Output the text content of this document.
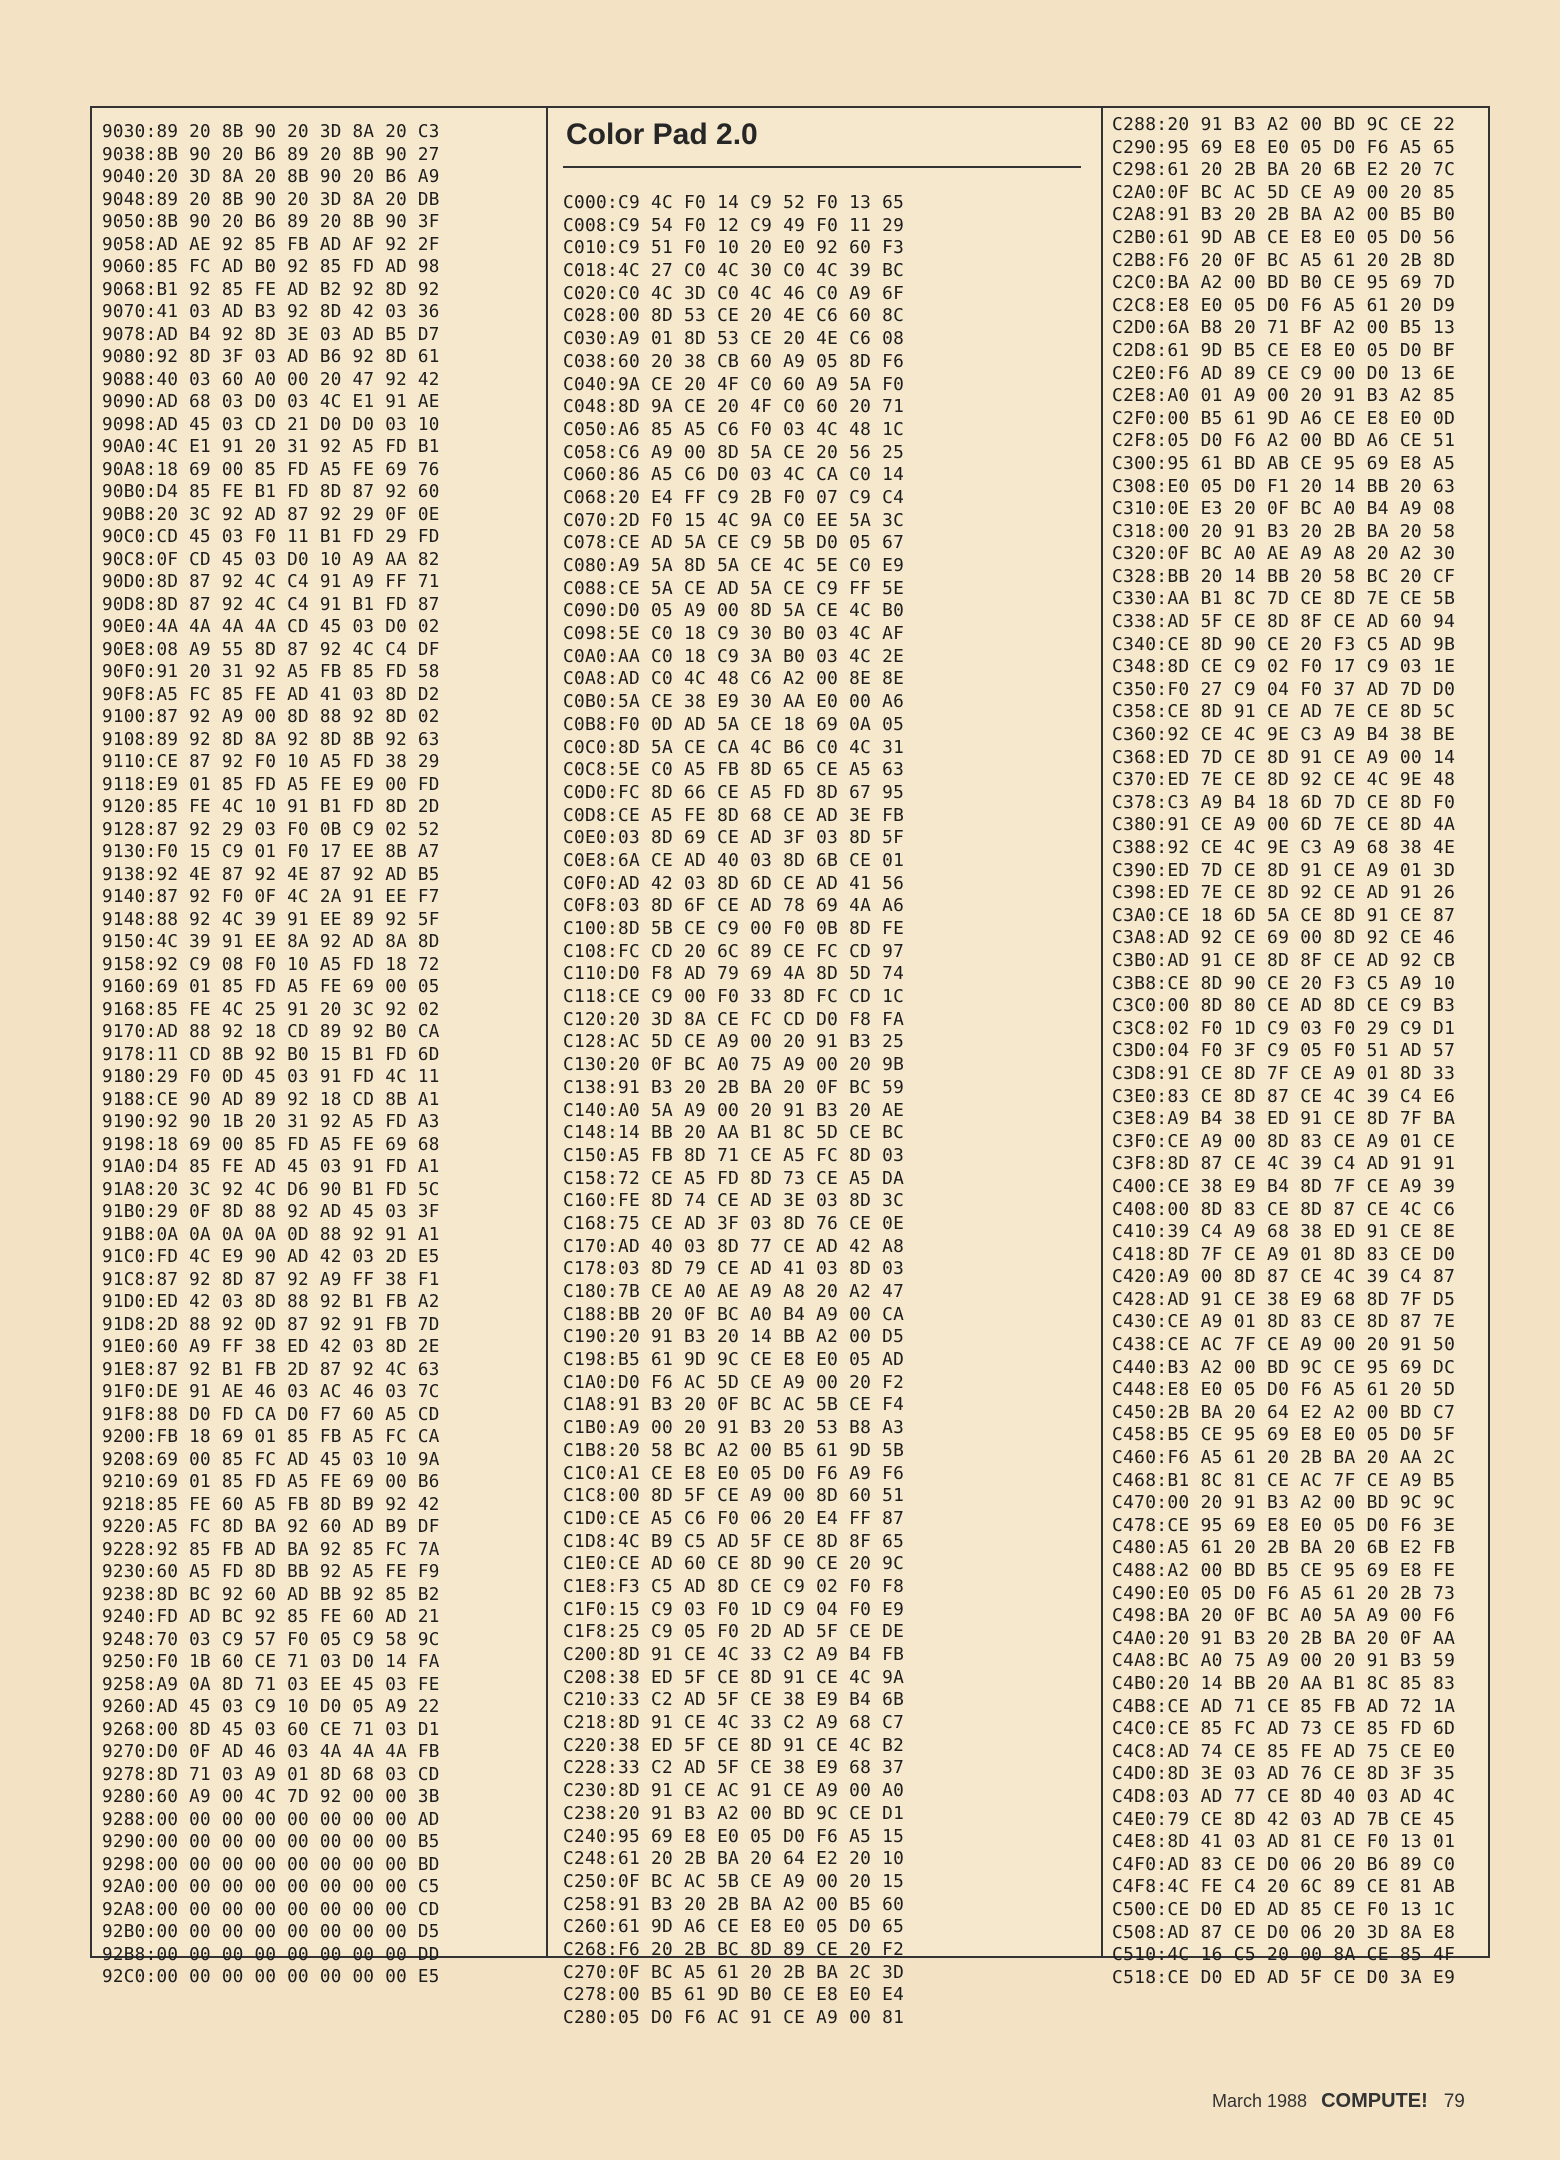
9030:89 20 8B 90 20 3D 8A 20 C3
9038:8B 90 20 B6 89 20 8B 90 27
9040:20 3D 8A 20 8B 90 20 B6 A9
9048:89 20 8B 90 20 3D 8A 20 DB
9050:8B 90 20 B6 89 20 8B 90 3F
9058:AD AE 92 85 FB AD AF 92 2F
9060:85 FC AD B0 92 85 FD AD 98
9068:B1 92 85 FE AD B2 92 8D 92
9070:41 03 AD B3 92 8D 42 03 36
9078:AD B4 92 8D 3E 03 AD B5 D7
9080:92 8D 3F 03 AD B6 92 8D 61
9088:40 03 60 A0 00 20 47 92 42
9090:AD 68 03 D0 03 4C E1 91 AE
9098:AD 45 03 CD 21 D0 D0 03 10
90A0:4C E1 91 20 31 92 A5 FD B1
90A8:18 69 00 85 FD A5 FE 69 76
90B0:D4 85 FE B1 FD 8D 87 92 60
90B8:20 3C 92 AD 87 92 29 0F 0E
90C0:CD 45 03 F0 11 B1 FD 29 FD
90C8:0F CD 45 03 D0 10 A9 AA 82
90D0:8D 87 92 4C C4 91 A9 FF 71
90D8:8D 87 92 4C C4 91 B1 FD 87
90E0:4A 4A 4A 4A CD 45 03 D0 02
90E8:08 A9 55 8D 87 92 4C C4 DF
90F0:91 20 31 92 A5 FB 85 FD 58
90F8:A5 FC 85 FE AD 41 03 8D D2
9100:87 92 A9 00 8D 88 92 8D 02
9108:89 92 8D 8A 92 8D 8B 92 63
9110:CE 87 92 F0 10 A5 FD 38 29
9118:E9 01 85 FD A5 FE E9 00 FD
9120:85 FE 4C 10 91 B1 FD 8D 2D
9128:87 92 29 03 F0 0B C9 02 52
9130:F0 15 C9 01 F0 17 EE 8B A7
9138:92 4E 87 92 4E 87 92 AD B5
9140:87 92 F0 0F 4C 2A 91 EE F7
9148:88 92 4C 39 91 EE 89 92 5F
9150:4C 39 91 EE 8A 92 AD 8A 8D
9158:92 C9 08 F0 10 A5 FD 18 72
9160:69 01 85 FD A5 FE 69 00 05
9168:85 FE 4C 25 91 20 3C 92 02
9170:AD 88 92 18 CD 89 92 B0 CA
9178:11 CD 8B 92 B0 15 B1 FD 6D
9180:29 F0 0D 45 03 91 FD 4C 11
9188:CE 90 AD 89 92 18 CD 8B A1
9190:92 90 1B 20 31 92 A5 FD A3
9198:18 69 00 85 FD A5 FE 69 68
91A0:D4 85 FE AD 45 03 91 FD A1
91A8:20 3C 92 4C D6 90 B1 FD 5C
91B0:29 0F 8D 88 92 AD 45 03 3F
91B8:0A 0A 0A 0A 0D 88 92 91 A1
91C0:FD 4C E9 90 AD 42 03 2D E5
91C8:87 92 8D 87 92 A9 FF 38 F1
91D0:ED 42 03 8D 88 92 B1 FB A2
91D8:2D 88 92 0D 87 92 91 FB 7D
91E0:60 A9 FF 38 ED 42 03 8D 2E
91E8:87 92 B1 FB 2D 87 92 4C 63
91F0:DE 91 AE 46 03 AC 46 03 7C
91F8:88 D0 FD CA D0 F7 60 A5 CD
9200:FB 18 69 01 85 FB A5 FC CA
9208:69 00 85 FC AD 45 03 10 9A
9210:69 01 85 FD A5 FE 69 00 B6
9218:85 FE 60 A5 FB 8D B9 92 42
9220:A5 FC 8D BA 92 60 AD B9 DF
9228:92 85 FB AD BA 92 85 FC 7A
9230:60 A5 FD 8D BB 92 A5 FE F9
9238:8D BC 92 60 AD BB 92 85 B2
9240:FD AD BC 92 85 FE 60 AD 21
9248:70 03 C9 57 F0 05 C9 58 9C
9250:F0 1B 60 CE 71 03 D0 14 FA
9258:A9 0A 8D 71 03 EE 45 03 FE
9260:AD 45 03 C9 10 D0 05 A9 22
9268:00 8D 45 03 60 CE 71 03 D1
9270:D0 0F AD 46 03 4A 4A 4A FB
9278:8D 71 03 A9 01 8D 68 03 CD
9280:60 A9 00 4C 7D 92 00 00 3B
9288:00 00 00 00 00 00 00 00 AD
9290:00 00 00 00 00 00 00 00 B5
9298:00 00 00 00 00 00 00 00 BD
92A0:00 00 00 00 00 00 00 00 C5
92A8:00 00 00 00 00 00 00 00 CD
92B0:00 00 00 00 00 00 00 00 D5
92B8:00 00 00 00 00 00 00 00 DD
92C0:00 00 00 00 00 00 00 00 E5
Color Pad 2.0
C000:C9 4C F0 14 C9 52 F0 13 65
C008:C9 54 F0 12 C9 49 F0 11 29
C010:C9 51 F0 10 20 E0 92 60 F3
C018:4C 27 C0 4C 30 C0 4C 39 BC
C020:C0 4C 3D C0 4C 46 C0 A9 6F
C028:00 8D 53 CE 20 4E C6 60 8C
C030:A9 01 8D 53 CE 20 4E C6 08
C038:60 20 38 CB 60 A9 05 8D F6
C040:9A CE 20 4F C0 60 A9 5A F0
C048:8D 9A CE 20 4F C0 60 20 71
C050:A6 85 A5 C6 F0 03 4C 48 1C
C058:C6 A9 00 8D 5A CE 20 56 25
C060:86 A5 C6 D0 03 4C CA C0 14
C068:20 E4 FF C9 2B F0 07 C9 C4
C070:2D F0 15 4C 9A C0 EE 5A 3C
C078:CE AD 5A CE C9 5B D0 05 67
C080:A9 5A 8D 5A CE 4C 5E C0 E9
C088:CE 5A CE AD 5A CE C9 FF 5E
C090:D0 05 A9 00 8D 5A CE 4C B0
C098:5E C0 18 C9 30 B0 03 4C AF
C0A0:AA C0 18 C9 3A B0 03 4C 2E
C0A8:AD C0 4C 48 C6 A2 00 8E 8E
C0B0:5A CE 38 E9 30 AA E0 00 A6
C0B8:F0 0D AD 5A CE 18 69 0A 05
C0C0:8D 5A CE CA 4C B6 C0 4C 31
C0C8:5E C0 A5 FB 8D 65 CE A5 63
C0D0:FC 8D 66 CE A5 FD 8D 67 95
C0D8:CE A5 FE 8D 68 CE AD 3E FB
C0E0:03 8D 69 CE AD 3F 03 8D 5F
C0E8:6A CE AD 40 03 8D 6B CE 01
C0F0:AD 42 03 8D 6D CE AD 41 56
C0F8:03 8D 6F CE AD 78 69 4A A6
C100:8D 5B CE C9 00 F0 0B 8D FE
C108:FC CD 20 6C 89 CE FC CD 97
C110:D0 F8 AD 79 69 4A 8D 5D 74
C118:CE C9 00 F0 33 8D FC CD 1C
C120:20 3D 8A CE FC CD D0 F8 FA
C128:AC 5D CE A9 00 20 91 B3 25
C130:20 0F BC A0 75 A9 00 20 9B
C138:91 B3 20 2B BA 20 0F BC 59
C140:A0 5A A9 00 20 91 B3 20 AE
C148:14 BB 20 AA B1 8C 5D CE BC
C150:A5 FB 8D 71 CE A5 FC 8D 03
C158:72 CE A5 FD 8D 73 CE A5 DA
C160:FE 8D 74 CE AD 3E 03 8D 3C
C168:75 CE AD 3F 03 8D 76 CE 0E
C170:AD 40 03 8D 77 CE AD 42 A8
C178:03 8D 79 CE AD 41 03 8D 03
C180:7B CE A0 AE A9 A8 20 A2 47
C188:BB 20 0F BC A0 B4 A9 00 CA
C190:20 91 B3 20 14 BB A2 00 D5
C198:B5 61 9D 9C CE E8 E0 05 AD
C1A0:D0 F6 AC 5D CE A9 00 20 F2
C1A8:91 B3 20 0F BC AC 5B CE F4
C1B0:A9 00 20 91 B3 20 53 B8 A3
C1B8:20 58 BC A2 00 B5 61 9D 5B
C1C0:A1 CE E8 E0 05 D0 F6 A9 F6
C1C8:00 8D 5F CE A9 00 8D 60 51
C1D0:CE A5 C6 F0 06 20 E4 FF 87
C1D8:4C B9 C5 AD 5F CE 8D 8F 65
C1E0:CE AD 60 CE 8D 90 CE 20 9C
C1E8:F3 C5 AD 8D CE C9 02 F0 F8
C1F0:15 C9 03 F0 1D C9 04 F0 E9
C1F8:25 C9 05 F0 2D AD 5F CE DE
C200:8D 91 CE 4C 33 C2 A9 B4 FB
C208:38 ED 5F CE 8D 91 CE 4C 9A
C210:33 C2 AD 5F CE 38 E9 B4 6B
C218:8D 91 CE 4C 33 C2 A9 68 C7
C220:38 ED 5F CE 8D 91 CE 4C B2
C228:33 C2 AD 5F CE 38 E9 68 37
C230:8D 91 CE AC 91 CE A9 00 A0
C238:20 91 B3 A2 00 BD 9C CE D1
C240:95 69 E8 E0 05 D0 F6 A5 15
C248:61 20 2B BA 20 64 E2 20 10
C250:0F BC AC 5B CE A9 00 20 15
C258:91 B3 20 2B BA A2 00 B5 60
C260:61 9D A6 CE E8 E0 05 D0 65
C268:F6 20 2B BC 8D 89 CE 20 F2
C270:0F BC A5 61 20 2B BA 2C 3D
C278:00 B5 61 9D B0 CE E8 E0 E4
C280:05 D0 F6 AC 91 CE A9 00 81
C288:20 91 B3 A2 00 BD 9C CE 22
C290:95 69 E8 E0 05 D0 F6 A5 65
C298:61 20 2B BA 20 6B E2 20 7C
C2A0:0F BC AC 5D CE A9 00 20 85
C2A8:91 B3 20 2B BA A2 00 B5 B0
C2B0:61 9D AB CE E8 E0 05 D0 56
C2B8:F6 20 0F BC A5 61 20 2B 8D
C2C0:BA A2 00 BD B0 CE 95 69 7D
C2C8:E8 E0 05 D0 F6 A5 61 20 D9
C2D0:6A B8 20 71 BF A2 00 B5 13
C2D8:61 9D B5 CE E8 E0 05 D0 BF
C2E0:F6 AD 89 CE C9 00 D0 13 6E
C2E8:A0 01 A9 00 20 91 B3 A2 85
C2F0:00 B5 61 9D A6 CE E8 E0 0D
C2F8:05 D0 F6 A2 00 BD A6 CE 51
C300:95 61 BD AB CE 95 69 E8 A5
C308:E0 05 D0 F1 20 14 BB 20 63
C310:0E E3 20 0F BC A0 B4 A9 08
C318:00 20 91 B3 20 2B BA 20 58
C320:0F BC A0 AE A9 A8 20 A2 30
C328:BB 20 14 BB 20 58 BC 20 CF
C330:AA B1 8C 7D CE 8D 7E CE 5B
C338:AD 5F CE 8D 8F CE AD 60 94
C340:CE 8D 90 CE 20 F3 C5 AD 9B
C348:8D CE C9 02 F0 17 C9 03 1E
C350:F0 27 C9 04 F0 37 AD 7D D0
C358:CE 8D 91 CE AD 7E CE 8D 5C
C360:92 CE 4C 9E C3 A9 B4 38 BE
C368:ED 7D CE 8D 91 CE A9 00 14
C370:ED 7E CE 8D 92 CE 4C 9E 48
C378:C3 A9 B4 18 6D 7D CE 8D F0
C380:91 CE A9 00 6D 7E CE 8D 4A
C388:92 CE 4C 9E C3 A9 68 38 4E
C390:ED 7D CE 8D 91 CE A9 01 3D
C398:ED 7E CE 8D 92 CE AD 91 26
C3A0:CE 18 6D 5A CE 8D 91 CE 87
C3A8:AD 92 CE 69 00 8D 92 CE 46
C3B0:AD 91 CE 8D 8F CE AD 92 CB
C3B8:CE 8D 90 CE 20 F3 C5 A9 10
C3C0:00 8D 80 CE AD 8D CE C9 B3
C3C8:02 F0 1D C9 03 F0 29 C9 D1
C3D0:04 F0 3F C9 05 F0 51 AD 57
C3D8:91 CE 8D 7F CE A9 01 8D 33
C3E0:83 CE 8D 87 CE 4C 39 C4 E6
C3E8:A9 B4 38 ED 91 CE 8D 7F BA
C3F0:CE A9 00 8D 83 CE A9 01 CE
C3F8:8D 87 CE 4C 39 C4 AD 91 91
C400:CE 38 E9 B4 8D 7F CE A9 39
C408:00 8D 83 CE 8D 87 CE 4C C6
C410:39 C4 A9 68 38 ED 91 CE 8E
C418:8D 7F CE A9 01 8D 83 CE D0
C420:A9 00 8D 87 CE 4C 39 C4 87
C428:AD 91 CE 38 E9 68 8D 7F D5
C430:CE A9 01 8D 83 CE 8D 87 7E
C438:CE AC 7F CE A9 00 20 91 50
C440:B3 A2 00 BD 9C CE 95 69 DC
C448:E8 E0 05 D0 F6 A5 61 20 5D
C450:2B BA 20 64 E2 A2 00 BD C7
C458:B5 CE 95 69 E8 E0 05 D0 5F
C460:F6 A5 61 20 2B BA 20 AA 2C
C468:B1 8C 81 CE AC 7F CE A9 B5
C470:00 20 91 B3 A2 00 BD 9C 9C
C478:CE 95 69 E8 E0 05 D0 F6 3E
C480:A5 61 20 2B BA 20 6B E2 FB
C488:A2 00 BD B5 CE 95 69 E8 FE
C490:E0 05 D0 F6 A5 61 20 2B 73
C498:BA 20 0F BC A0 5A A9 00 F6
C4A0:20 91 B3 20 2B BA 20 0F AA
C4A8:BC A0 75 A9 00 20 91 B3 59
C4B0:20 14 BB 20 AA B1 8C 85 83
C4B8:CE AD 71 CE 85 FB AD 72 1A
C4C0:CE 85 FC AD 73 CE 85 FD 6D
C4C8:AD 74 CE 85 FE AD 75 CE E0
C4D0:8D 3E 03 AD 76 CE 8D 3F 35
C4D8:03 AD 77 CE 8D 40 03 AD 4C
C4E0:79 CE 8D 42 03 AD 7B CE 45
C4E8:8D 41 03 AD 81 CE F0 13 01
C4F0:AD 83 CE D0 06 20 B6 89 C0
C4F8:4C FE C4 20 6C 89 CE 81 AB
C500:CE D0 ED AD 85 CE F0 13 1C
C508:AD 87 CE D0 06 20 3D 8A E8
C510:4C 16 C5 20 00 8A CE 85 4F
C518:CE D0 ED AD 5F CE D0 3A E9
March 1988 COMPUTE! 79
